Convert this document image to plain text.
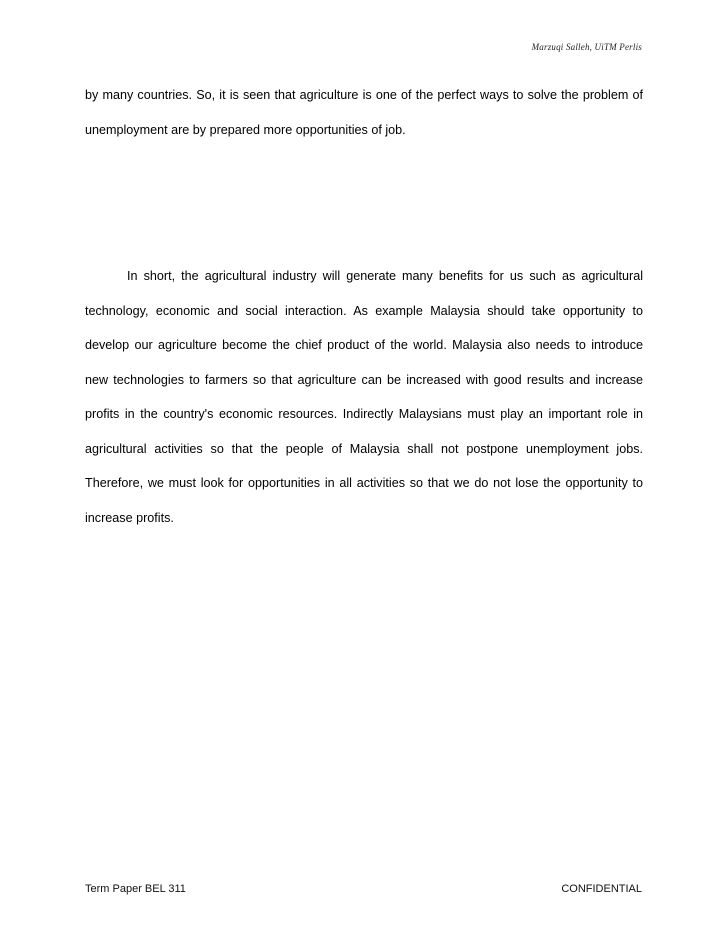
Marzuqi Salleh, UiTM Perlis
by many countries. So, it is seen that agriculture is one of the perfect ways to solve the problem of unemployment are by prepared more opportunities of job.
In short, the agricultural industry will generate many benefits for us such as agricultural technology, economic and social interaction. As example Malaysia should take opportunity to develop our agriculture become the chief product of the world. Malaysia also needs to introduce new technologies to farmers so that agriculture can be increased with good results and increase profits in the country's economic resources. Indirectly Malaysians must play an important role in agricultural activities so that the people of Malaysia shall not postpone unemployment jobs. Therefore, we must look for opportunities in all activities so that we do not lose the opportunity to increase profits.
Term Paper BEL 311	CONFIDENTIAL
